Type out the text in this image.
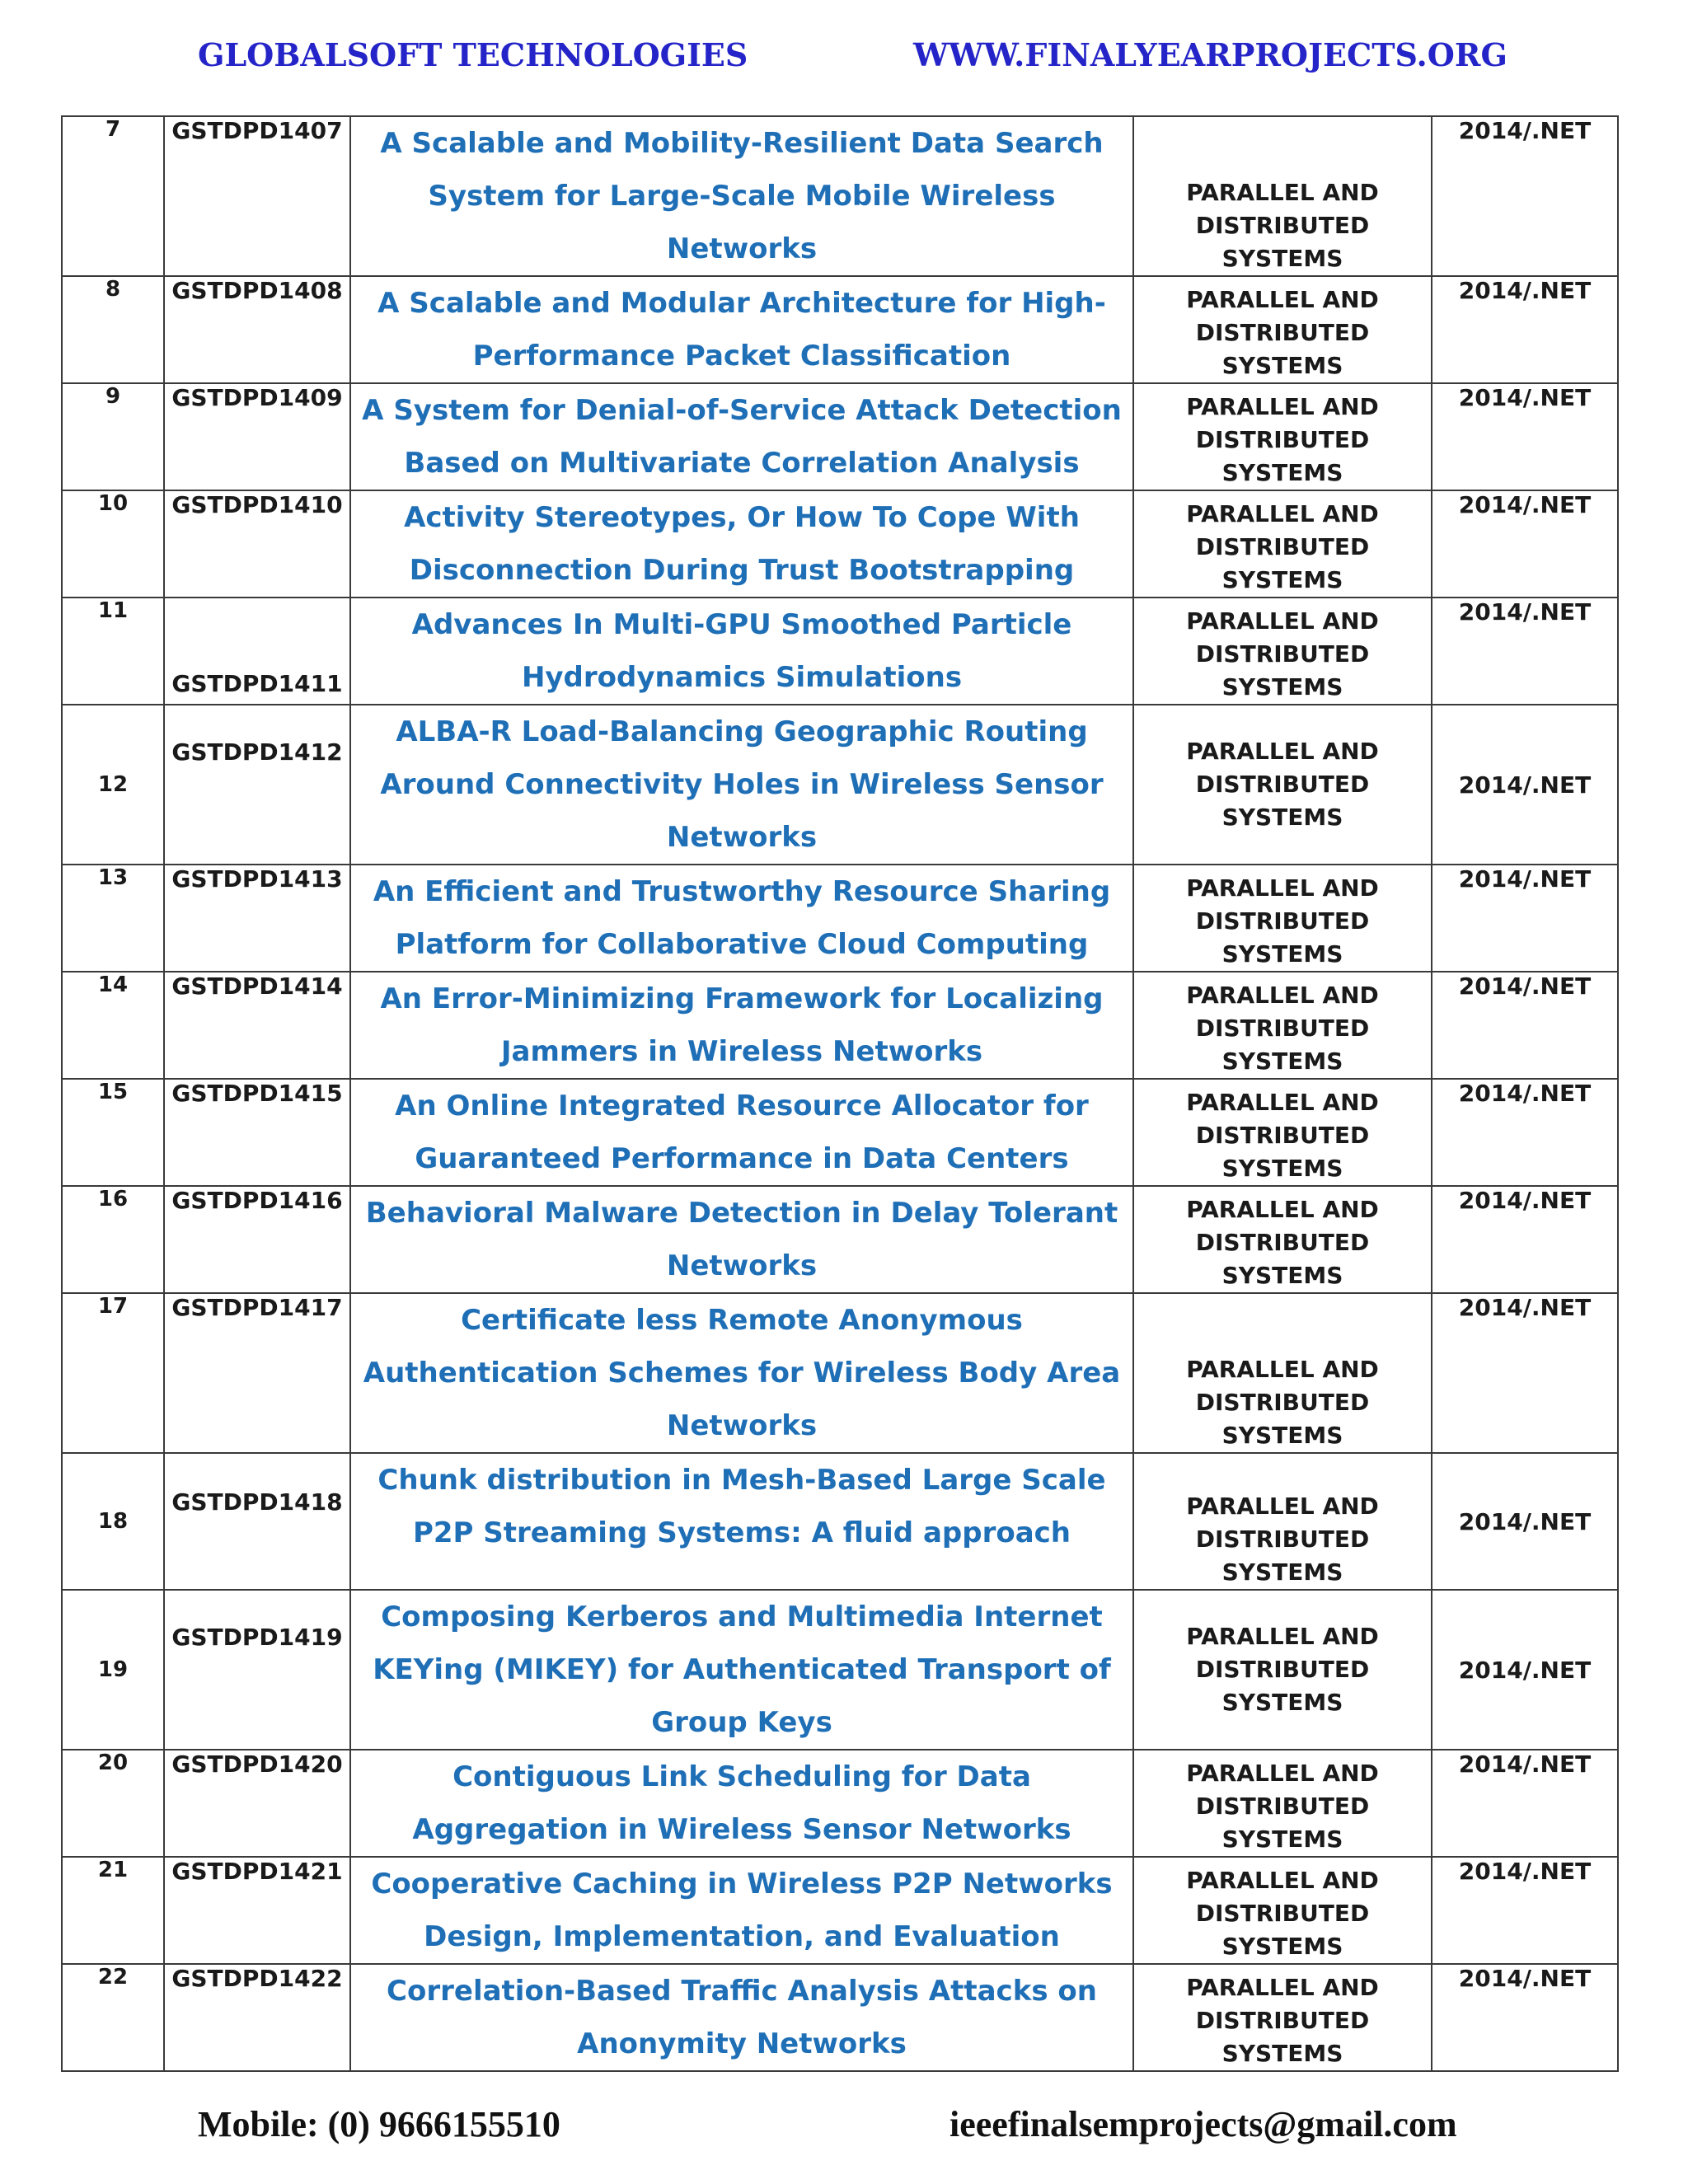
GLOBALSOFT TECHNOLOGIES	WWW.FINALYEARPROJECTS.ORG
7	GSTDPD1407	A Scalable and Mobility-Resilient Data Search System for Large-Scale Mobile Wireless Networks	PARALLEL AND DISTRIBUTED SYSTEMS	2014/.NET
8	GSTDPD1408	A Scalable and Modular Architecture for High-Performance Packet Classification	PARALLEL AND DISTRIBUTED SYSTEMS	2014/.NET
9	GSTDPD1409	A System for Denial-of-Service Attack Detection Based on Multivariate Correlation Analysis	PARALLEL AND DISTRIBUTED SYSTEMS	2014/.NET
10	GSTDPD1410	Activity Stereotypes, Or How To Cope With Disconnection During Trust Bootstrapping	PARALLEL AND DISTRIBUTED SYSTEMS	2014/.NET
11	GSTDPD1411	Advances In Multi-GPU Smoothed Particle Hydrodynamics Simulations	PARALLEL AND DISTRIBUTED SYSTEMS	2014/.NET
12	GSTDPD1412	ALBA-R Load-Balancing Geographic Routing Around Connectivity Holes in Wireless Sensor Networks	PARALLEL AND DISTRIBUTED SYSTEMS	2014/.NET
13	GSTDPD1413	An Efficient and Trustworthy Resource Sharing Platform for Collaborative Cloud Computing	PARALLEL AND DISTRIBUTED SYSTEMS	2014/.NET
14	GSTDPD1414	An Error-Minimizing Framework for Localizing Jammers in Wireless Networks	PARALLEL AND DISTRIBUTED SYSTEMS	2014/.NET
15	GSTDPD1415	An Online Integrated Resource Allocator for Guaranteed Performance in Data Centers	PARALLEL AND DISTRIBUTED SYSTEMS	2014/.NET
16	GSTDPD1416	Behavioral Malware Detection in Delay Tolerant Networks	PARALLEL AND DISTRIBUTED SYSTEMS	2014/.NET
17	GSTDPD1417	Certificate less Remote Anonymous Authentication Schemes for Wireless Body Area Networks	PARALLEL AND DISTRIBUTED SYSTEMS	2014/.NET
18	GSTDPD1418	Chunk distribution in Mesh-Based Large Scale P2P Streaming Systems: A fluid approach	PARALLEL AND DISTRIBUTED SYSTEMS	2014/.NET
19	GSTDPD1419	Composing Kerberos and Multimedia Internet KEYing (MIKEY) for Authenticated Transport of Group Keys	PARALLEL AND DISTRIBUTED SYSTEMS	2014/.NET
20	GSTDPD1420	Contiguous Link Scheduling for Data Aggregation in Wireless Sensor Networks	PARALLEL AND DISTRIBUTED SYSTEMS	2014/.NET
21	GSTDPD1421	Cooperative Caching in Wireless P2P Networks Design, Implementation, and Evaluation	PARALLEL AND DISTRIBUTED SYSTEMS	2014/.NET
22	GSTDPD1422	Correlation-Based Traffic Analysis Attacks on Anonymity Networks	PARALLEL AND DISTRIBUTED SYSTEMS	2014/.NET
Mobile: (0) 9666155510	ieeefinalsemprojects@gmail.com
